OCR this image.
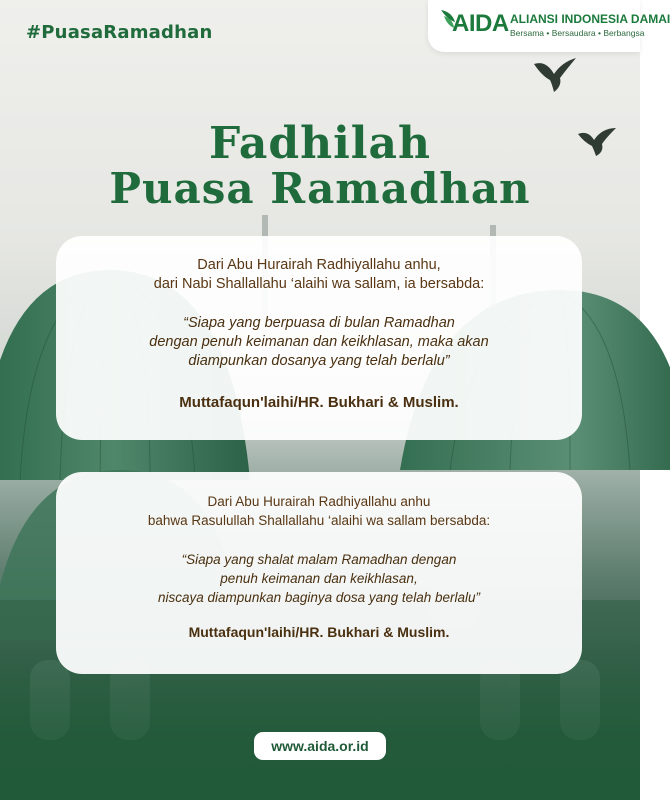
#PuasaRamadhan	AIDA ALIANSI INDONESIA DAMAI
Bersama • Bersaudara • Berbangsa
Fadhilah
Puasa Ramadhan
Dari Abu Hurairah Radhiyallahu anhu,
dari Nabi Shallallahu ‘alaihi wa sallam, ia bersabda:
“Siapa yang berpuasa di bulan Ramadhan
dengan penuh keimanan dan keikhlasan, maka akan
diampunkan dosanya yang telah berlalu”
Muttafaqun'laihi/HR. Bukhari & Muslim.
Dari Abu Hurairah Radhiyallahu anhu
bahwa Rasulullah Shallallahu ‘alaihi wa sallam bersabda:
“Siapa yang shalat malam Ramadhan dengan
penuh keimanan dan keikhlasan,
niscaya diampunkan baginya dosa yang telah berlalu”
Muttafaqun'laihi/HR. Bukhari & Muslim.
www.aida.or.id
